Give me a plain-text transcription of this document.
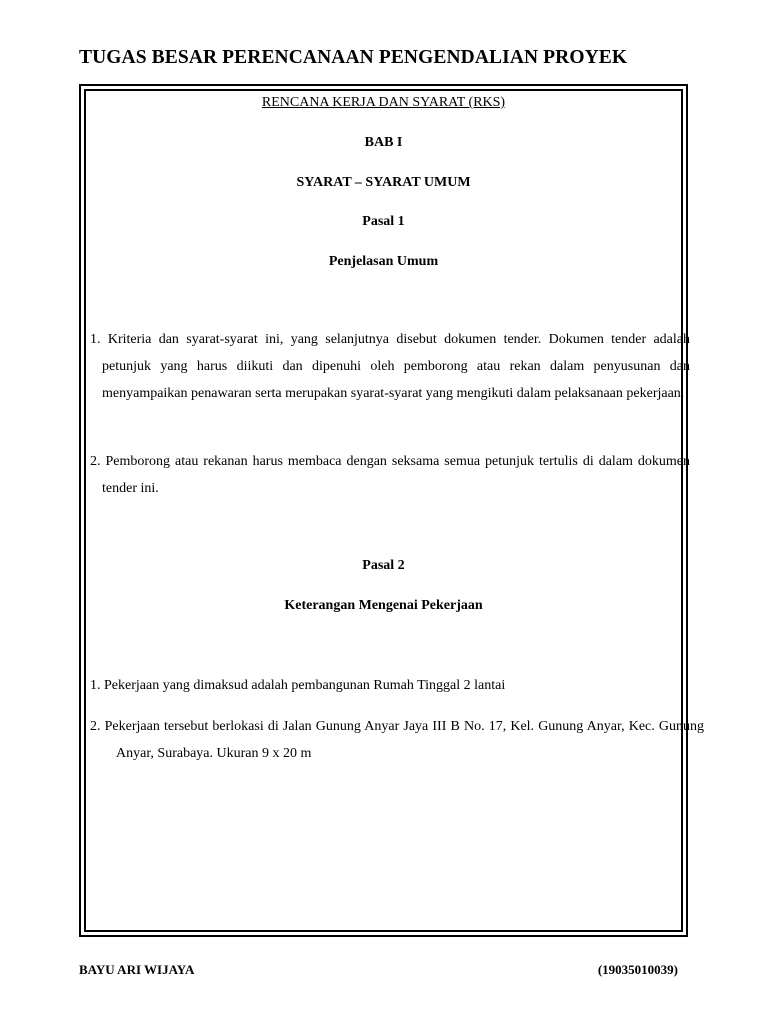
TUGAS BESAR PERENCANAAN PENGENDALIAN PROYEK
RENCANA KERJA DAN SYARAT (RKS)
BAB I
SYARAT – SYARAT UMUM
Pasal 1
Penjelasan Umum
1. Kriteria dan syarat-syarat ini, yang selanjutnya disebut dokumen tender. Dokumen tender adalah petunjuk yang harus diikuti dan dipenuhi oleh pemborong atau rekan dalam penyusunan dan menyampaikan penawaran serta merupakan syarat-syarat yang mengikuti dalam pelaksanaan pekerjaan.
2. Pemborong atau rekanan harus membaca dengan seksama semua petunjuk tertulis di dalam dokumen tender ini.
Pasal 2
Keterangan Mengenai Pekerjaan
1. Pekerjaan yang dimaksud adalah pembangunan Rumah Tinggal 2 lantai
2. Pekerjaan tersebut berlokasi di Jalan Gunung Anyar Jaya III B No. 17, Kel. Gunung Anyar, Kec. Gunung Anyar, Surabaya. Ukuran 9 x 20 m
BAYU ARI WIJAYA	(19035010039)
